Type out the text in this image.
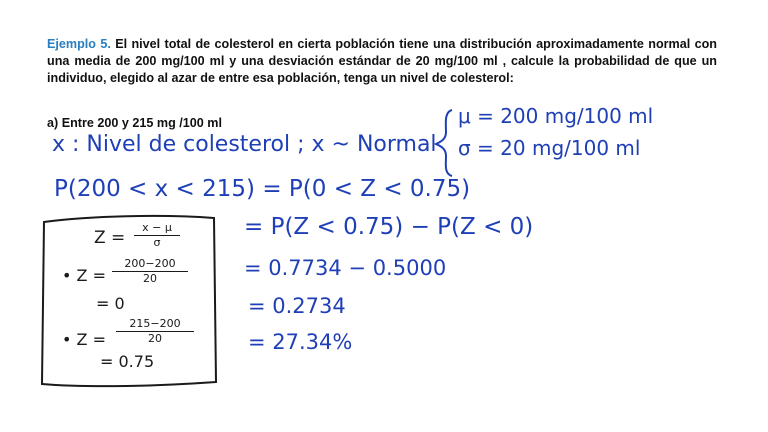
Ejemplo 5. El nivel total de colesterol en cierta población tiene una distribución aproximadamente normal con una media de 200 mg/100 ml y una desviación estándar de 20 mg/100 ml , calcule la probabilidad de que un individuo, elegido al azar de entre esa población, tenga un nivel de colesterol:
a) Entre 200 y 215 mg /100 ml
x : Nivel de colesterol ; x ~ Normal
μ = 200 mg/100 ml
σ = 20 mg/100 ml
P(200 < x < 215) = P(0 < Z < 0.75)
= P(Z < 0.75) − P(Z < 0)
= 0.7734 − 0.5000
= 0.2734
= 27.34%
Z =
x − μ
σ
• Z =
200−200
20
= 0
• Z =
215−200
20
= 0.75
